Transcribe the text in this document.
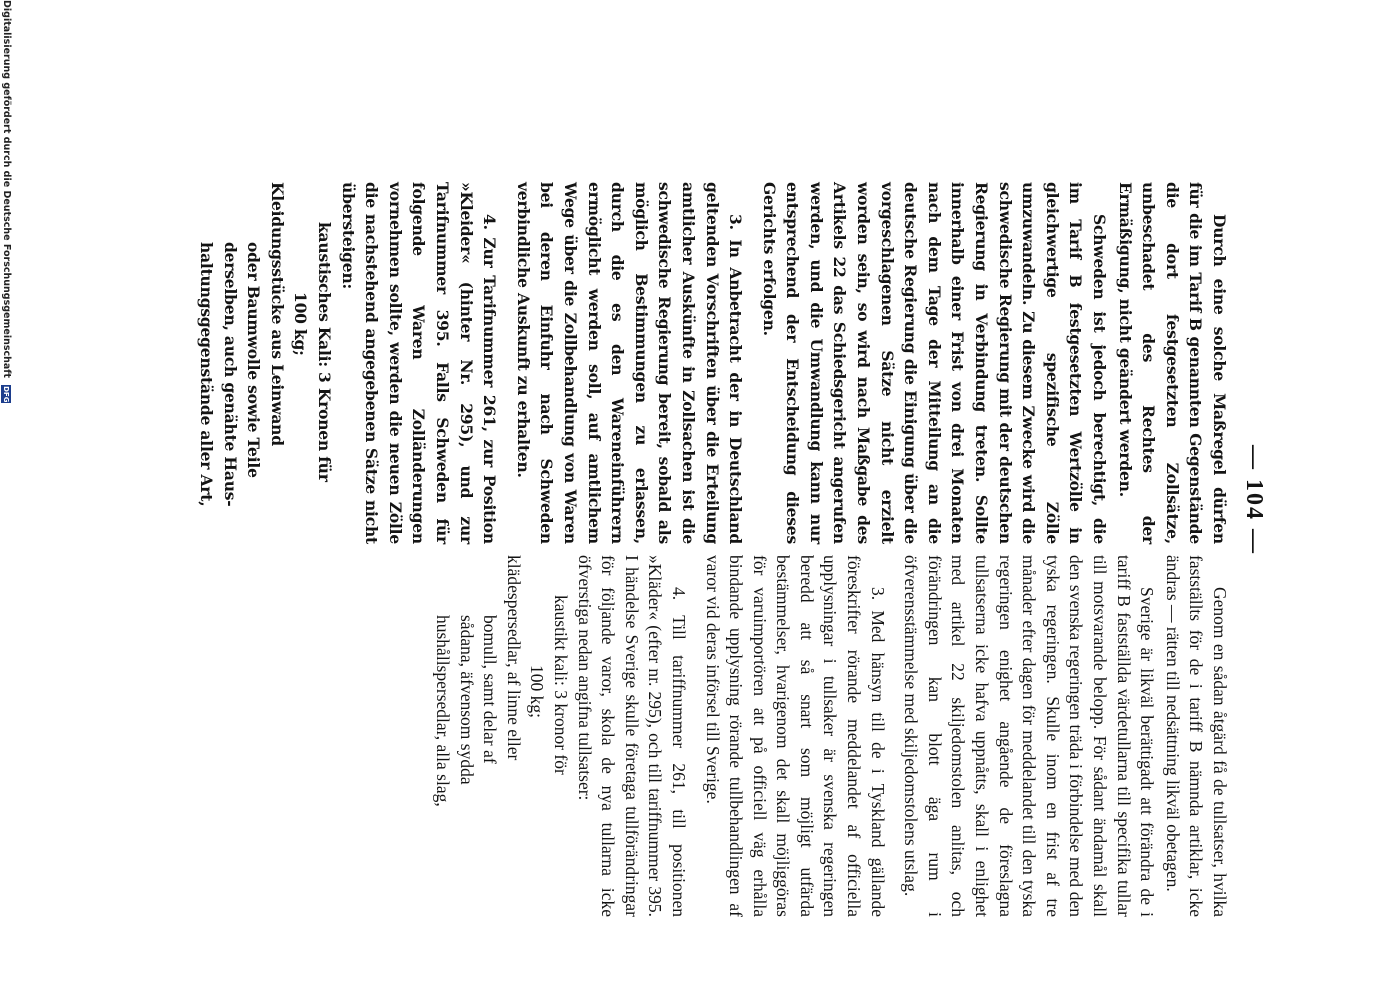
— 104 —

Durch eine solche Maßregel dürfen für die im Tarif B genannten Gegenstände die dort festgesetzten Zollsätze, unbeschadet des Rechtes der Ermäßigung, nicht geändert werden.

Schweden ist jedoch berechtigt, die im Tarif B festgesetzten Wertzölle in gleichwertige spezifische Zölle umzuwandeln. Zu diesem Zwecke wird die schwedische Regierung mit der deutschen Regierung in Verbindung treten. Sollte innerhalb einer Frist von drei Monaten nach dem Tage der Mitteilung an die deutsche Regierung die Einigung über die vorgeschlagenen Sätze nicht erzielt worden sein, so wird nach Maßgabe des Artikels 22 das Schiedsgericht angerufen werden, und die Umwandlung kann nur entsprechend der Entscheidung dieses Gerichts erfolgen.

3. In Anbetracht der in Deutschland geltenden Vorschriften über die Erteilung amtlicher Auskünfte in Zollsachen ist die schwedische Regierung bereit, sobald als möglich Bestimmungen zu erlassen, durch die es den Wareneinführern ermöglicht werden soll, auf amtlichem Wege über die Zollbehandlung von Waren bei deren Einfuhr nach Schweden verbindliche Auskunft zu erhalten.

4. Zur Tarifnummer 261, zur Position »Kleider« (hinter Nr. 295), und zur Tarifnummer 395. Falls Schweden für folgende Waren Zolländerungen vornehmen sollte, werden die neuen Zölle die nachstehend angegebenen Sätze nicht übersteigen:

kaustisches Kali: 3 Kronen für

100 kg;

Kleidungsstücke aus Leinwand

oder Baumwolle sowie Teile

derselben, auch genähte Haus-

haltungsgegenstände aller Art,

Genom en sådan åtgärd få de tullsatser, hvilka fastställts för de i tariff B nämnda artiklar, icke ändras — rätten till nedsättning likväl obetagen.

Sverige är likväl berättigadt att förändra de i tariff B fastställda värdetullarna till specifika tullar till motsvarande belopp. För sådant ändamål skall den svenska regeringen träda i förbindelse med den tyska regeringen. Skulle inom en frist af tre månader efter dagen för meddelandet till den tyska regeringen enighet angående de föreslagna tullsatserna icke hafva uppnåtts, skall i enlighet med artikel 22 skiljedomstolen anlitas, och förändringen kan blott äga rum i öfverensstämmelse med skiljedomstolens utslag.

3. Med hänsyn till de i Tyskland gällande föreskrifter rörande meddelandet af officiella upplysningar i tullsaker är svenska regeringen beredd att så snart som möjligt utfärda bestämmelser, hvarigenom det skall möjliggöras för varuimportören att på officiell väg erhålla bindande upplysning rörande tullbehandlingen af varor vid deras införsel till Sverige.

4. Till tariffnummer 261, till positionen »Kläder« (efter nr. 295), och till tariffnummer 395. I händelse Sverige skulle företaga tullförändringar för följande varor, skola de nya tullarna icke öfverstiga nedan angifna tullsatser:

kaustikt kali: 3 kronor för

100 kg;

klädespersedlar, af linne eller

bomull, samt delar af

sådana, äfvensom sydda

hushållspersedlar, alla slag,

Digitalisierung gefördert durch die Deutsche Forschungsgemeinschaft DFG
